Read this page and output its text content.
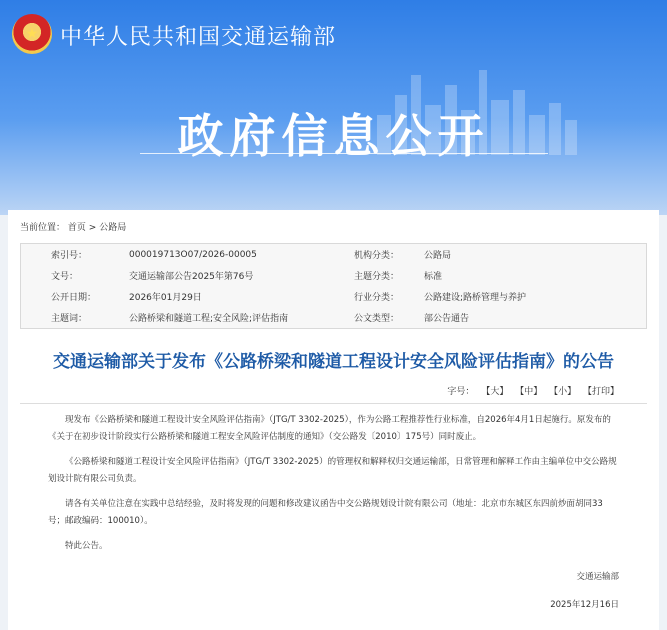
★ 中华人民共和国交通运输部
政府信息公开
当前位置： 首页 > 公路局
索引号：	000019713O07/2026-00005	机构分类：	公路局
文号：	交通运输部公告2025年第76号	主题分类：	标准
公开日期：	2026年01月29日	行业分类：	公路建设;路桥管理与养护
主题词：	公路桥梁和隧道工程;安全风险;评估指南	公文类型：	部公告通告
交通运输部关于发布《公路桥梁和隧道工程设计安全风险评估指南》的公告
字号： 【大】 【中】 【小】 【打印】

现发布《公路桥梁和隧道工程设计安全风险评估指南》（JTG/T 3302-2025），作为公路工程推荐性行业标准，自2026年4月1日起施行。原发布的《关于在初步设计阶段实行公路桥梁和隧道工程安全风险评估制度的通知》（交公路发〔2010〕175号）同时废止。

《公路桥梁和隧道工程设计安全风险评估指南》（JTG/T 3302-2025）的管理权和解释权归交通运输部，日常管理和解释工作由主编单位中交公路规划设计院有限公司负责。

请各有关单位注意在实践中总结经验，及时将发现的问题和修改建议函告中交公路规划设计院有限公司（地址：北京市东城区东四前炒面胡同33号；邮政编码：100010）。

特此公告。

交通运输部
2025年12月16日
